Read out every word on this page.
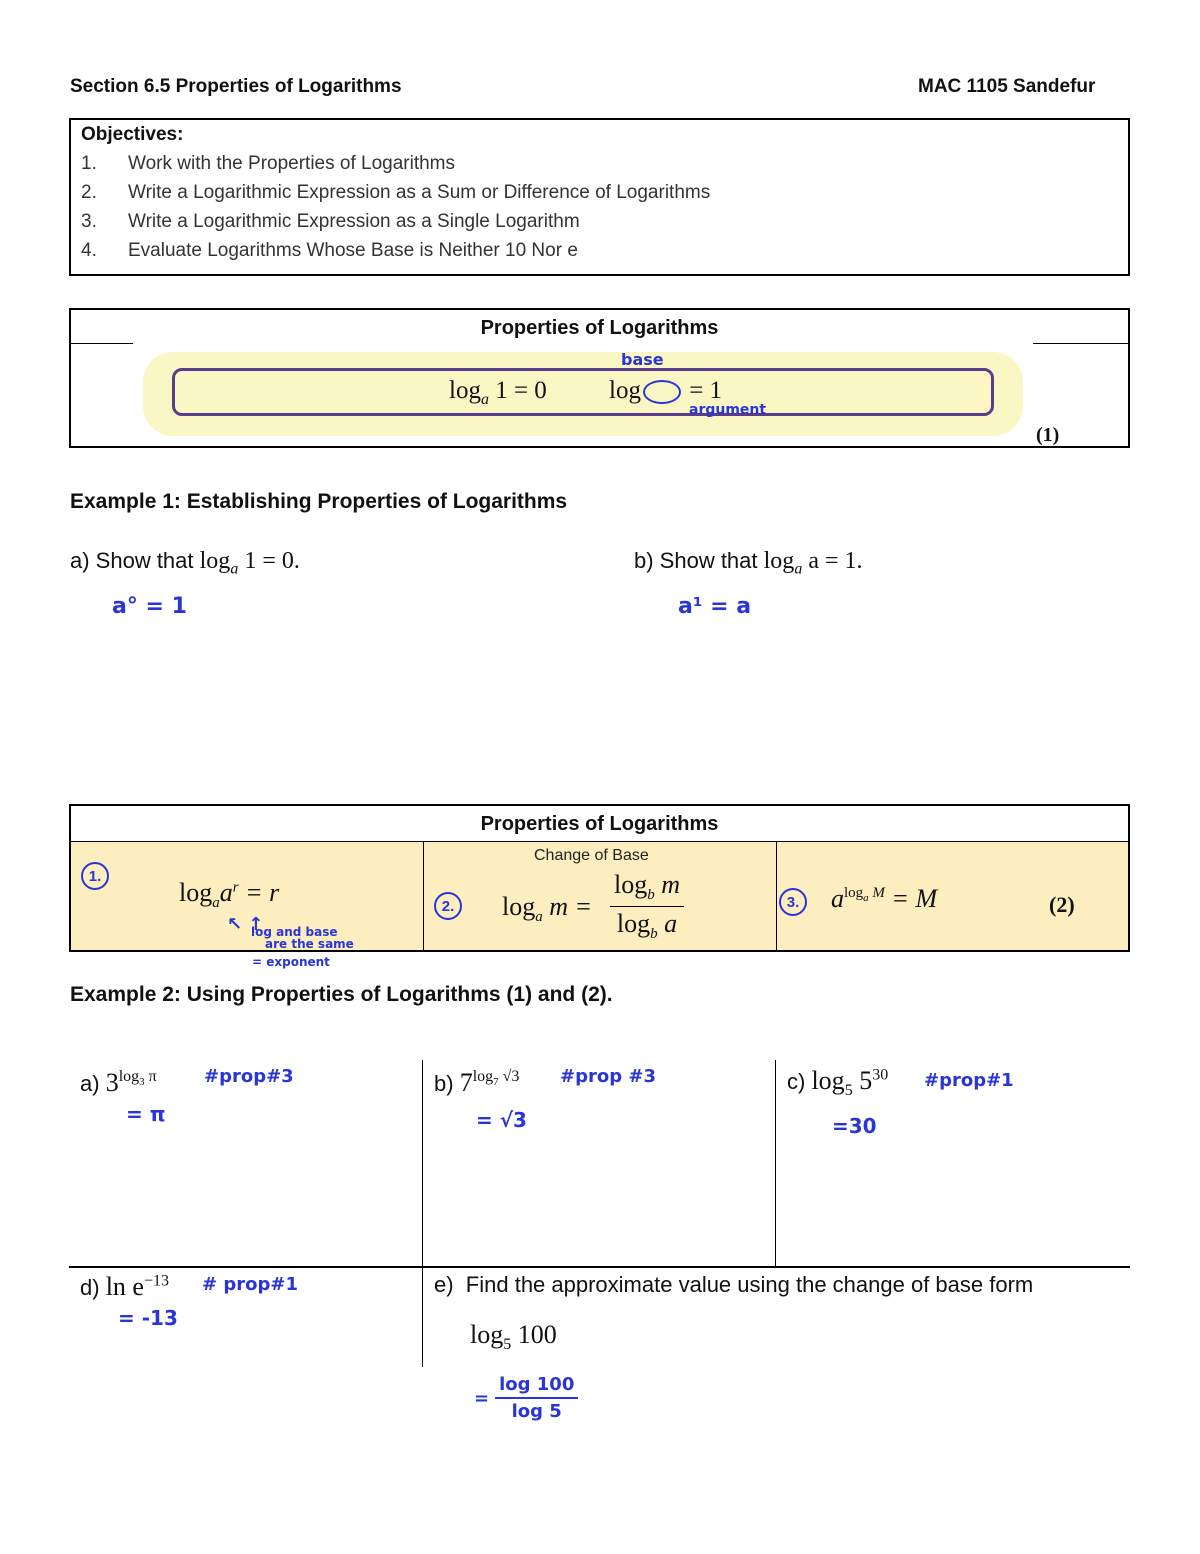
Section 6.5 Properties of Logarithms	MAC 1105 Sandefur
Objectives:
1.	Work with the Properties of Logarithms
2.	Write a Logarithmic Expression as a Sum or Difference of Logarithms
3.	Write a Logarithmic Expression as a Single Logarithm
4.	Evaluate Logarithms Whose Base is Neither 10 Nor e
Properties of Logarithms
$\log_a 1 = 0$ log ○ = 1
base
argument
(1)
Example 1: Establishing Properties of Logarithms
a) Show that $\log_a 1 = 0$.
a° = 1
b) Show that $\log_a a = 1$.
a¹ = a
Properties of Logarithms
1.
$\log_aa^r = r$
↖ ↑
log and base
are the same
Change of Base
2. $\log_a m = \frac{\log_b m}{\log_b a}$	3. $a^{log_a M} = M$	(2)
= exponent
Example 2: Using Properties of Logarithms (1) and (2).
a) $3^{log_3 \pi}$	#prop#3
= π
b) $7^{log_7 √3}$ #prop #3
= √3
c) $\log_5 5^{30}$ #prop#1
=30
d) $\ln e^{-13}$ # prop#1
= -13
e) Find the approximate value using the change of base form
$\log_5 100$
= $\frac{\log 100}{\log 5}$
